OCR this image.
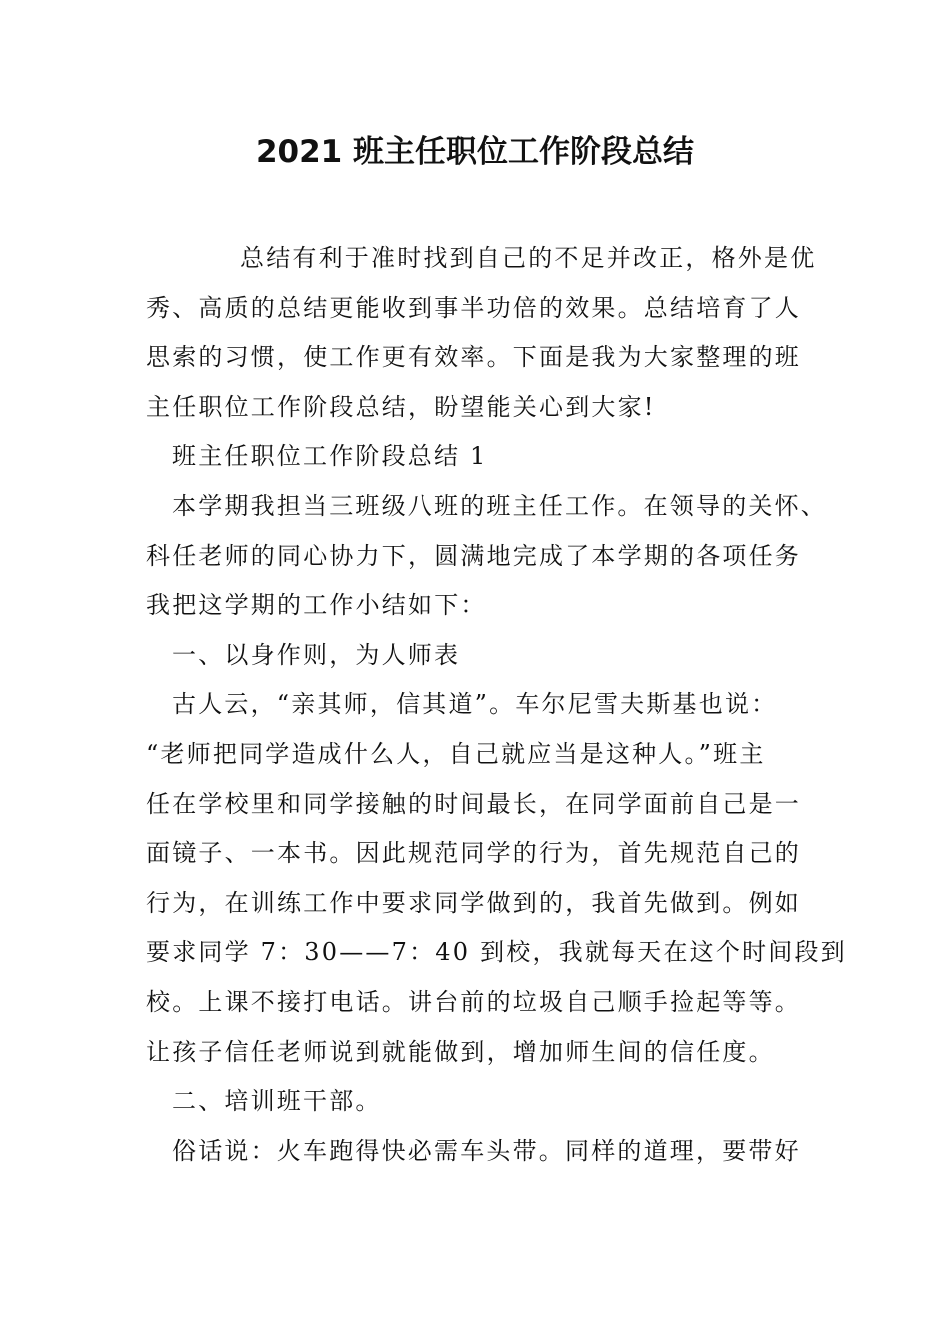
2021 班主任职位工作阶段总结
总结有利于准时找到自己的不足并改正，格外是优
秀、高质的总结更能收到事半功倍的效果。总结培育了人
思索的习惯，使工作更有效率。下面是我为大家整理的班
主任职位工作阶段总结，盼望能关心到大家!
班主任职位工作阶段总结 1
本学期我担当三班级八班的班主任工作。在领导的关怀、
科任老师的同心协力下，圆满地完成了本学期的各项任务
我把这学期的工作小结如下：
一、以身作则，为人师表
古人云，“亲其师，信其道”。车尔尼雪夫斯基也说：
“老师把同学造成什么人，自己就应当是这种人。”班主
任在学校里和同学接触的时间最长，在同学面前自己是一
面镜子、一本书。因此规范同学的行为，首先规范自己的
行为，在训练工作中要求同学做到的，我首先做到。例如
要求同学 7：30——7：40 到校，我就每天在这个时间段到
校。上课不接打电话。讲台前的垃圾自己顺手捡起等等。
让孩子信任老师说到就能做到，增加师生间的信任度。
二、培训班干部。
俗话说：火车跑得快必需车头带。同样的道理，要带好
